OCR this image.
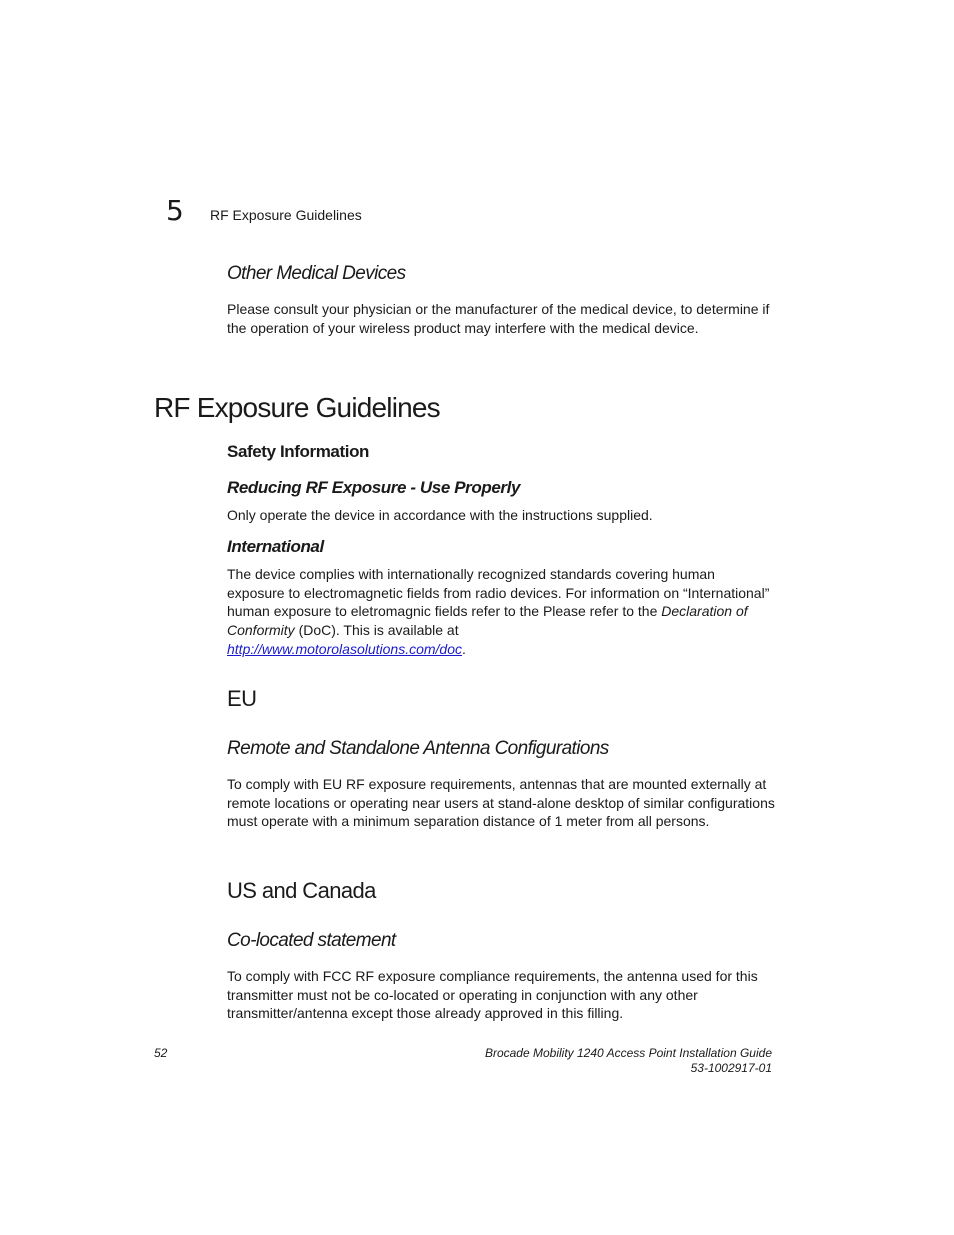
5 RF Exposure Guidelines
Other Medical Devices

Please consult your physician or the manufacturer of the medical device, to determine if the operation of your wireless product may interfere with the medical device.

RF Exposure Guidelines
Safety Information
Reducing RF Exposure - Use Properly

Only operate the device in accordance with the instructions supplied.

International

The device complies with internationally recognized standards covering human exposure to electromagnetic fields from radio devices. For information on “International” human exposure to eletromagnic fields refer to the Please refer to the Declaration of Conformity (DoC). This is available at
http://www.motorolasolutions.com/doc.

EU
Remote and Standalone Antenna Configurations

To comply with EU RF exposure requirements, antennas that are mounted externally at remote locations or operating near users at stand-alone desktop of similar configurations must operate with a minimum separation distance of 1 meter from all persons.

US and Canada
Co-located statement

To comply with FCC RF exposure compliance requirements, the antenna used for this transmitter must not be co-located or operating in conjunction with any other transmitter/antenna except those already approved in this filling.

52	Brocade Mobility 1240 Access Point Installation Guide
53-1002917-01
